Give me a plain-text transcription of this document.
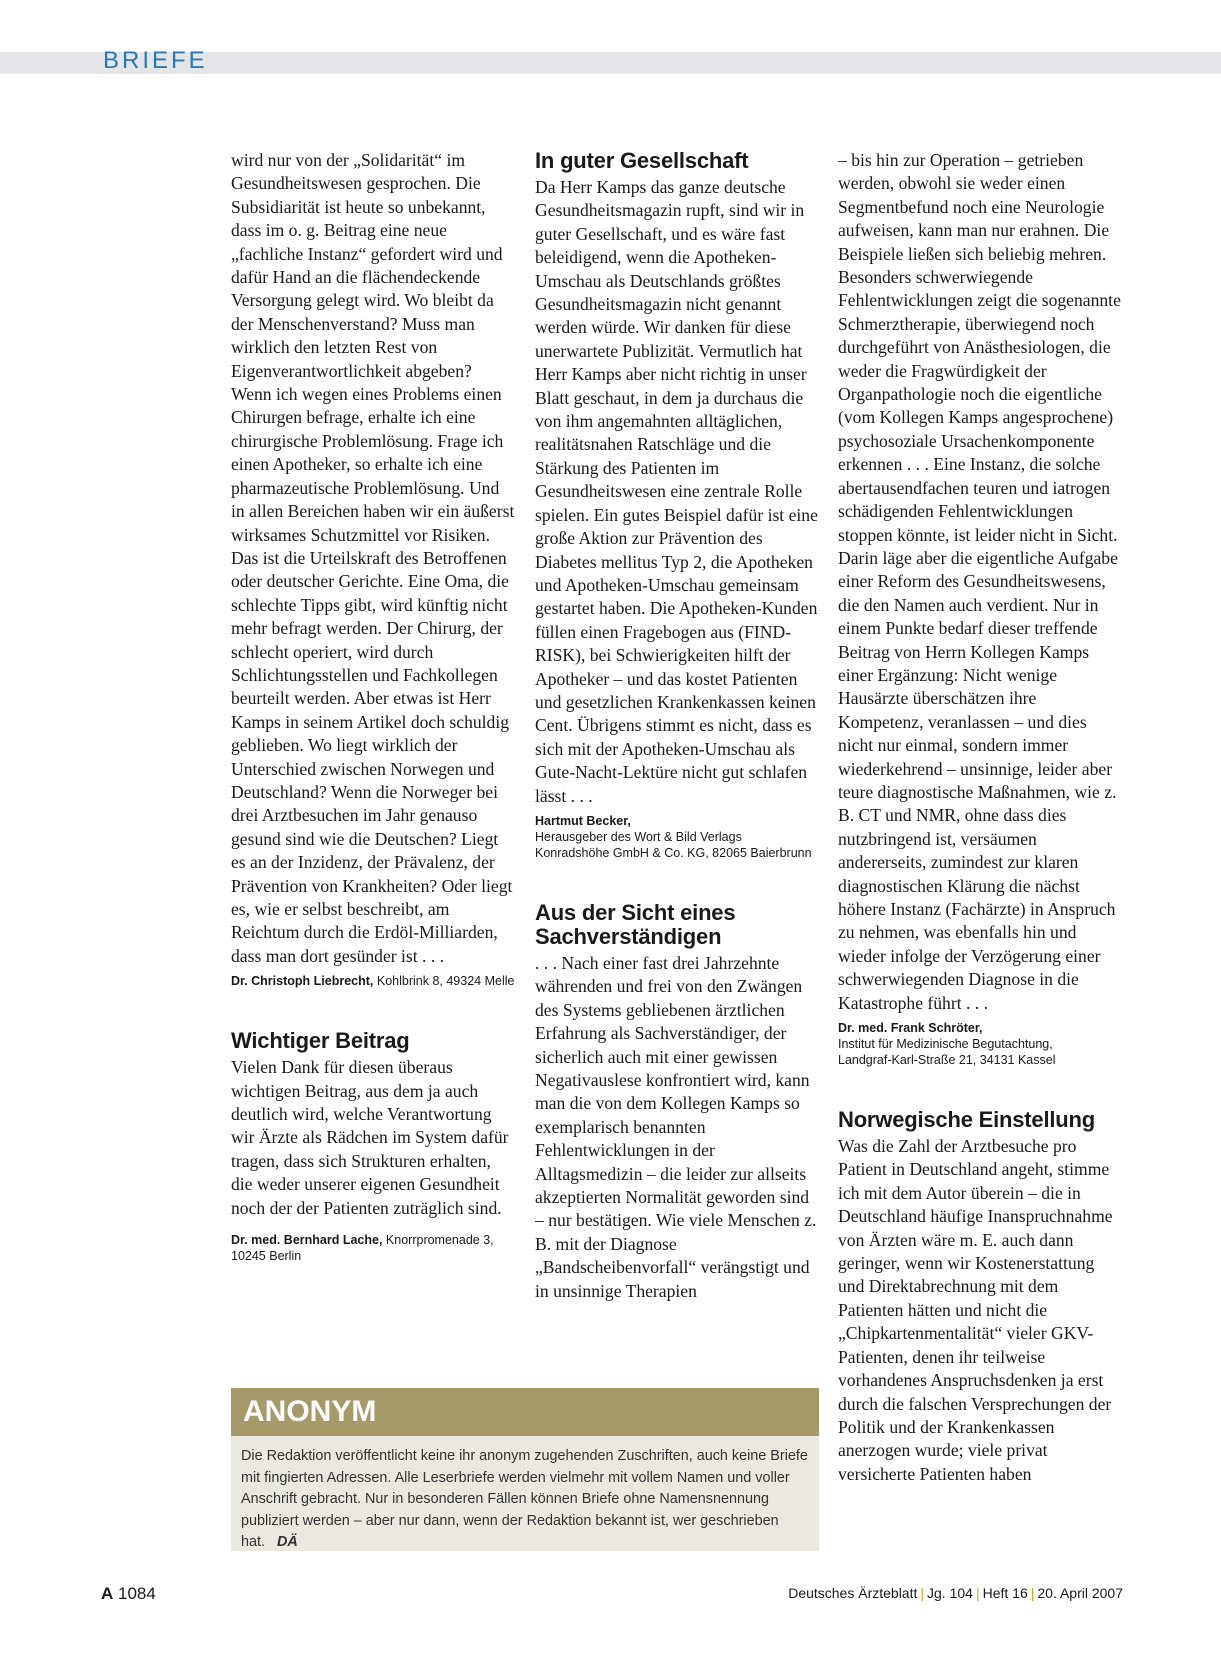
BRIEFE

wird nur von der „Solidarität“ im Gesundheitswesen gesprochen. Die Subsidiarität ist heute so unbekannt, dass im o. g. Beitrag eine neue „fachliche Instanz“ gefordert wird und dafür Hand an die flächendeckende Versorgung gelegt wird. Wo bleibt da der Menschenverstand? Muss man wirklich den letzten Rest von Eigenverantwortlichkeit abgeben? Wenn ich wegen eines Problems einen Chirurgen befrage, erhalte ich eine chirurgische Problemlösung. Frage ich einen Apotheker, so erhalte ich eine pharmazeutische Problemlösung. Und in allen Bereichen haben wir ein äußerst wirksames Schutzmittel vor Risiken. Das ist die Urteilskraft des Betroffenen oder deutscher Gerichte. Eine Oma, die schlechte Tipps gibt, wird künftig nicht mehr befragt werden. Der Chirurg, der schlecht operiert, wird durch Schlichtungsstellen und Fachkollegen beurteilt werden. Aber etwas ist Herr Kamps in seinem Artikel doch schuldig geblieben. Wo liegt wirklich der Unterschied zwischen Norwegen und Deutschland? Wenn die Norweger bei drei Arztbesuchen im Jahr genauso gesund sind wie die Deutschen? Liegt es an der Inzidenz, der Prävalenz, der Prävention von Krankheiten? Oder liegt es, wie er selbst beschreibt, am Reichtum durch die Erdöl-Milliarden, dass man dort gesünder ist . . .

Dr. Christoph Liebrecht, Kohlbrink 8, 49324 Melle
Wichtiger Beitrag

Vielen Dank für diesen überaus wichtigen Beitrag, aus dem ja auch deutlich wird, welche Verantwortung wir Ärzte als Rädchen im System dafür tragen, dass sich Strukturen erhalten, die weder unserer eigenen Gesundheit noch der der Patienten zuträglich sind.

Dr. med. Bernhard Lache, Knorrpromenade 3, 10245 Berlin
In guter Gesellschaft

Da Herr Kamps das ganze deutsche Gesundheitsmagazin rupft, sind wir in guter Gesellschaft, und es wäre fast beleidigend, wenn die Apotheken-Umschau als Deutschlands größtes Gesundheitsmagazin nicht genannt werden würde. Wir danken für diese unerwartete Publizität. Vermutlich hat Herr Kamps aber nicht richtig in unser Blatt geschaut, in dem ja durchaus die von ihm angemahnten alltäglichen, realitätsnahen Ratschläge und die Stärkung des Patienten im Gesundheitswesen eine zentrale Rolle spielen. Ein gutes Beispiel dafür ist eine große Aktion zur Prävention des Diabetes mellitus Typ 2, die Apotheken und Apotheken-Umschau gemeinsam gestartet haben. Die Apotheken-Kunden füllen einen Fragebogen aus (FIND-RISK), bei Schwierigkeiten hilft der Apotheker – und das kostet Patienten und gesetzlichen Krankenkassen keinen Cent. Übrigens stimmt es nicht, dass es sich mit der Apotheken-Umschau als Gute-Nacht-Lektüre nicht gut schlafen lässt . . .

Hartmut Becker,
Herausgeber des Wort & Bild Verlags
Konradshöhe GmbH & Co. KG, 82065 Baierbrunn
Aus der Sicht eines Sachverständigen

. . . Nach einer fast drei Jahrzehnte währenden und frei von den Zwängen des Systems gebliebenen ärztlichen Erfahrung als Sachverständiger, der sicherlich auch mit einer gewissen Negativauslese konfrontiert wird, kann man die von dem Kollegen Kamps so exemplarisch benannten Fehlentwicklungen in der Alltagsmedizin – die leider zur allseits akzeptierten Normalität geworden sind – nur bestätigen. Wie viele Menschen z. B. mit der Diagnose „Bandscheibenvorfall“ verängstigt und in unsinnige Therapien

– bis hin zur Operation – getrieben werden, obwohl sie weder einen Segmentbefund noch eine Neurologie aufweisen, kann man nur erahnen. Die Beispiele ließen sich beliebig mehren. Besonders schwerwiegende Fehlentwicklungen zeigt die sogenannte Schmerztherapie, überwiegend noch durchgeführt von Anästhesiologen, die weder die Fragwürdigkeit der Organpathologie noch die eigentliche (vom Kollegen Kamps angesprochene) psychosoziale Ursachenkomponente erkennen . . . Eine Instanz, die solche abertausendfachen teuren und iatrogen schädigenden Fehlentwicklungen stoppen könnte, ist leider nicht in Sicht. Darin läge aber die eigentliche Aufgabe einer Reform des Gesundheitswesens, die den Namen auch verdient. Nur in einem Punkte bedarf dieser treffende Beitrag von Herrn Kollegen Kamps einer Ergänzung: Nicht wenige Hausärzte überschätzen ihre Kompetenz, veranlassen – und dies nicht nur einmal, sondern immer wiederkehrend – unsinnige, leider aber teure diagnostische Maßnahmen, wie z. B. CT und NMR, ohne dass dies nutzbringend ist, versäumen andererseits, zumindest zur klaren diagnostischen Klärung die nächst höhere Instanz (Fachärzte) in Anspruch zu nehmen, was ebenfalls hin und wieder infolge der Verzögerung einer schwerwiegenden Diagnose in die Katastrophe führt . . .

Dr. med. Frank Schröter,
Institut für Medizinische Begutachtung,
Landgraf-Karl-Straße 21, 34131 Kassel
Norwegische Einstellung

Was die Zahl der Arztbesuche pro Patient in Deutschland angeht, stimme ich mit dem Autor überein – die in Deutschland häufige Inanspruchnahme von Ärzten wäre m. E. auch dann geringer, wenn wir Kostenerstattung und Direktabrechnung mit dem Patienten hätten und nicht die „Chipkartenmentalität“ vieler GKV-Patienten, denen ihr teilweise vorhandenes Anspruchsdenken ja erst durch die falschen Versprechungen der Politik und der Krankenkassen anerzogen wurde; viele privat versicherte Patienten haben

ANONYM
Die Redaktion veröffentlicht keine ihr anonym zugehenden Zuschriften, auch keine Briefe mit fingierten Adressen. Alle Leserbriefe werden vielmehr mit vollem Namen und voller Anschrift gebracht. Nur in besonderen Fällen können Briefe ohne Namensnennung publiziert werden – aber nur dann, wenn der Redaktion bekannt ist, wer geschrieben hat. DÄ
A 1084	Deutsches Ärzteblatt | Jg. 104 | Heft 16 | 20. April 2007
